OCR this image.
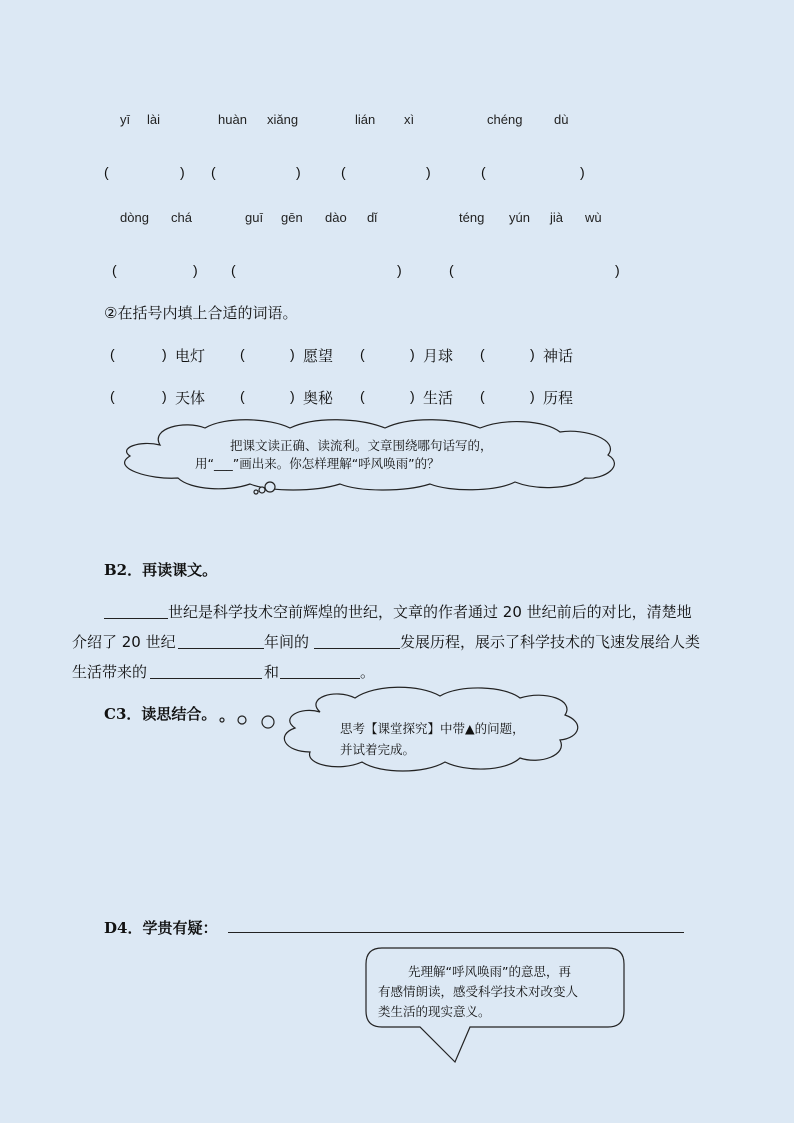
yī lài	huàn xiǎng	lián xì	chéng dù
(	) (	)	(	)	(	)
dòng chá	guī gēn dào dǐ	téng yún jià wù
(	) (	)	(	)
②在括号内填上合适的词语。
(	) 电灯 (	) 愿望 (	) 月球 (	) 神话
(	) 天体 (	) 奥秘 (	) 生活 (	) 历程
把课文读正确、读流利。文章围绕哪句话写的，
用“___”画出来。你怎样理解“呼风唤雨”的？
B2．再读课文。
世纪是科学技术空前辉煌的世纪，文章的作者通过 20 世纪前后的对比，清楚地
介绍了 20 世纪	年间的	发展历程，展示了科学技术的飞速发展给人类
生活带来的	和	。
C3．读思结合。
思考【课堂探究】中带▲的问题，
并试着完成。
D4．学贵有疑：
先理解“呼风唤雨”的意思，再
有感情朗读，感受科学技术对改变人
类生活的现实意义。
